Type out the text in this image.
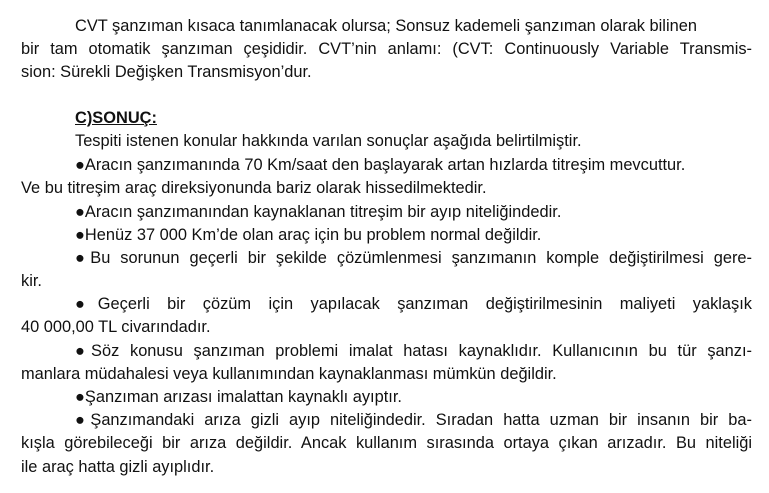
CVT şanzıman kısaca tanımlanacak olursa; Sonsuz kademeli şanzıman olarak bilinen
bir tam otomatik şanzıman çeşididir. CVT’nin anlamı: (CVT: Continuously Variable Transmis-
sion: Sürekli Değişken Transmisyon’dur.
C)SONUÇ:
Tespiti istenen konular hakkında varılan sonuçlar aşağıda belirtilmiştir.
●Aracın şanzımanında 70 Km/saat den başlayarak artan hızlarda titreşim mevcuttur.
Ve bu titreşim araç direksiyonunda bariz olarak hissedilmektedir.
●Aracın şanzımanından kaynaklanan titreşim bir ayıp niteliğindedir.
●Henüz 37 000 Km’de olan araç için bu problem normal değildir.
●Bu sorunun geçerli bir şekilde çözümlenmesi şanzımanın komple değiştirilmesi gere-
kir.
●Geçerli bir çözüm için yapılacak şanzıman değiştirilmesinin maliyeti yaklaşık
40 000,00 TL civarındadır.
●Söz konusu şanzıman problemi imalat hatası kaynaklıdır. Kullanıcının bu tür şanzı-
manlara müdahalesi veya kullanımından kaynaklanması mümkün değildir.
●Şanzıman arızası imalattan kaynaklı ayıptır.
●Şanzımandaki arıza gizli ayıp niteliğindedir. Sıradan hatta uzman bir insanın bir ba-
kışla görebileceği bir arıza değildir. Ancak kullanım sırasında ortaya çıkan arızadır. Bu niteliği
ile araç hatta gizli ayıplıdır.
